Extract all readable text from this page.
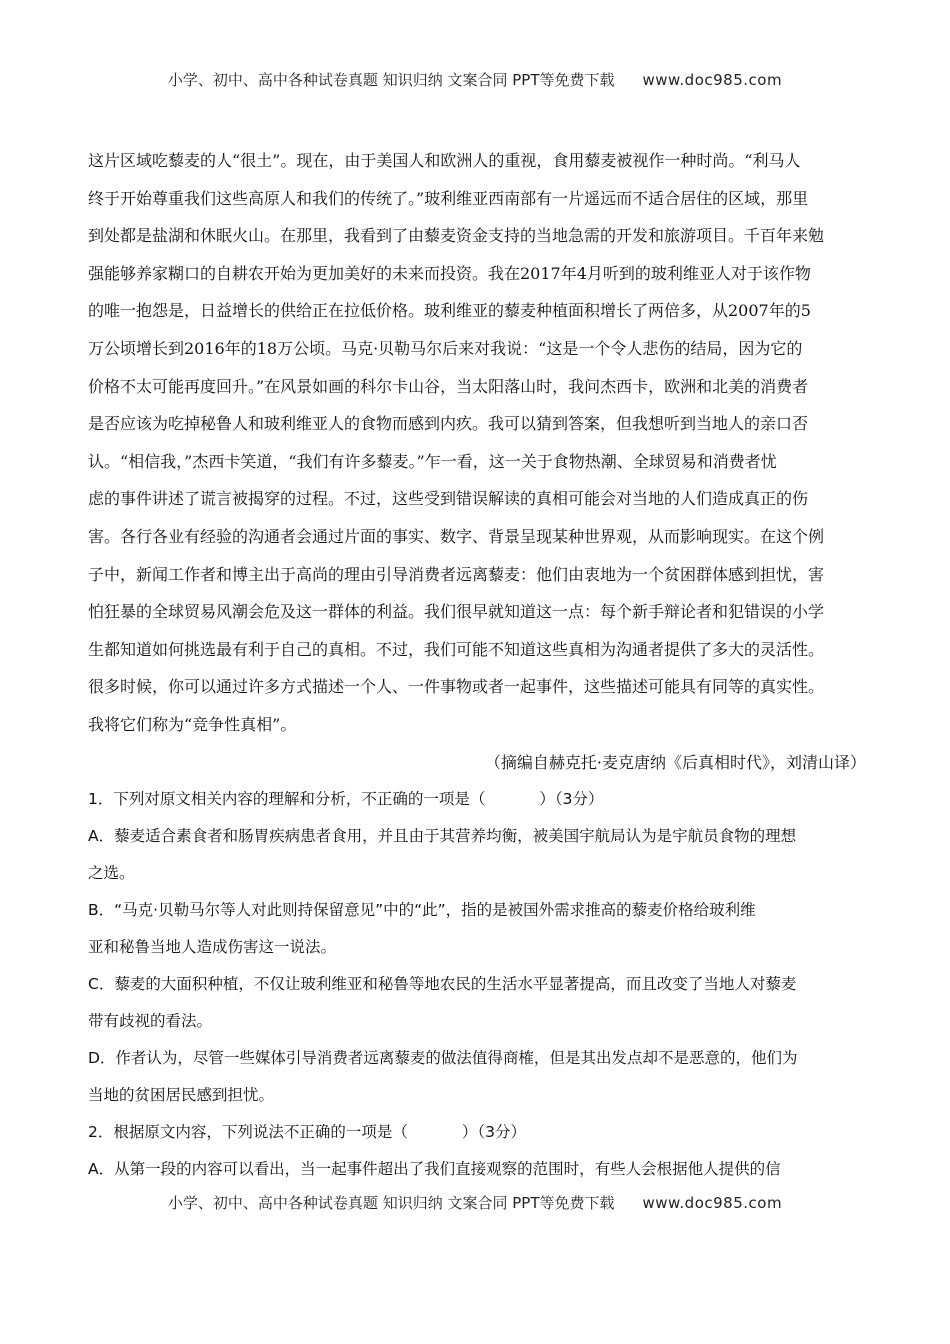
小学、初中、高中各种试卷真题 知识归纳 文案合同 PPT等免费下载 www.doc985.com

这片区域吃藜麦的人“很土”。现在，由于美国人和欧洲人的重视，食用藜麦被视作一种时尚。“利马人

终于开始尊重我们这些高原人和我们的传统了。”玻利维亚西南部有一片遥远而不适合居住的区域，那里

到处都是盐湖和休眠火山。在那里，我看到了由藜麦资金支持的当地急需的开发和旅游项目。千百年来勉

强能够养家糊口的自耕农开始为更加美好的未来而投资。我在2017年4月听到的玻利维亚人对于该作物

的唯一抱怨是，日益增长的供给正在拉低价格。玻利维亚的藜麦种植面积增长了两倍多，从2007年的5

万公顷增长到2016年的18万公顷。马克·贝勒马尔后来对我说：“这是一个令人悲伤的结局，因为它的

价格不太可能再度回升。”在风景如画的科尔卡山谷，当太阳落山时，我问杰西卡，欧洲和北美的消费者

是否应该为吃掉秘鲁人和玻利维亚人的食物而感到内疚。我可以猜到答案，但我想听到当地人的亲口否

认。“相信我，”杰西卡笑道，“我们有许多藜麦。”乍一看，这一关于食物热潮、全球贸易和消费者忧

虑的事件讲述了谎言被揭穿的过程。不过，这些受到错误解读的真相可能会对当地的人们造成真正的伤

害。各行各业有经验的沟通者会通过片面的事实、数字、背景呈现某种世界观，从而影响现实。在这个例

子中，新闻工作者和博主出于高尚的理由引导消费者远离藜麦：他们由衷地为一个贫困群体感到担忧，害

怕狂暴的全球贸易风潮会危及这一群体的利益。我们很早就知道这一点：每个新手辩论者和犯错误的小学

生都知道如何挑选最有利于自己的真相。不过，我们可能不知道这些真相为沟通者提供了多大的灵活性。

很多时候，你可以通过许多方式描述一个人、一件事物或者一起事件，这些描述可能具有同等的真实性。

我将它们称为“竞争性真相”。

（摘编自赫克托·麦克唐纳《后真相时代》，刘清山译）

1．下列对原文相关内容的理解和分析，不正确的一项是（	）（3分）

A．藜麦适合素食者和肠胃疾病患者食用，并且由于其营养均衡，被美国宇航局认为是宇航员食物的理想

之选。

B．“马克·贝勒马尔等人对此则持保留意见”中的“此”，指的是被国外需求推高的藜麦价格给玻利维

亚和秘鲁当地人造成伤害这一说法。

C．藜麦的大面积种植，不仅让玻利维亚和秘鲁等地农民的生活水平显著提高，而且改变了当地人对藜麦

带有歧视的看法。

D．作者认为，尽管一些媒体引导消费者远离藜麦的做法值得商榷，但是其出发点却不是恶意的，他们为

当地的贫困居民感到担忧。

2．根据原文内容，下列说法不正确的一项是（	）（3分）

A．从第一段的内容可以看出，当一起事件超出了我们直接观察的范围时，有些人会根据他人提供的信

小学、初中、高中各种试卷真题 知识归纳 文案合同 PPT等免费下载 www.doc985.com
